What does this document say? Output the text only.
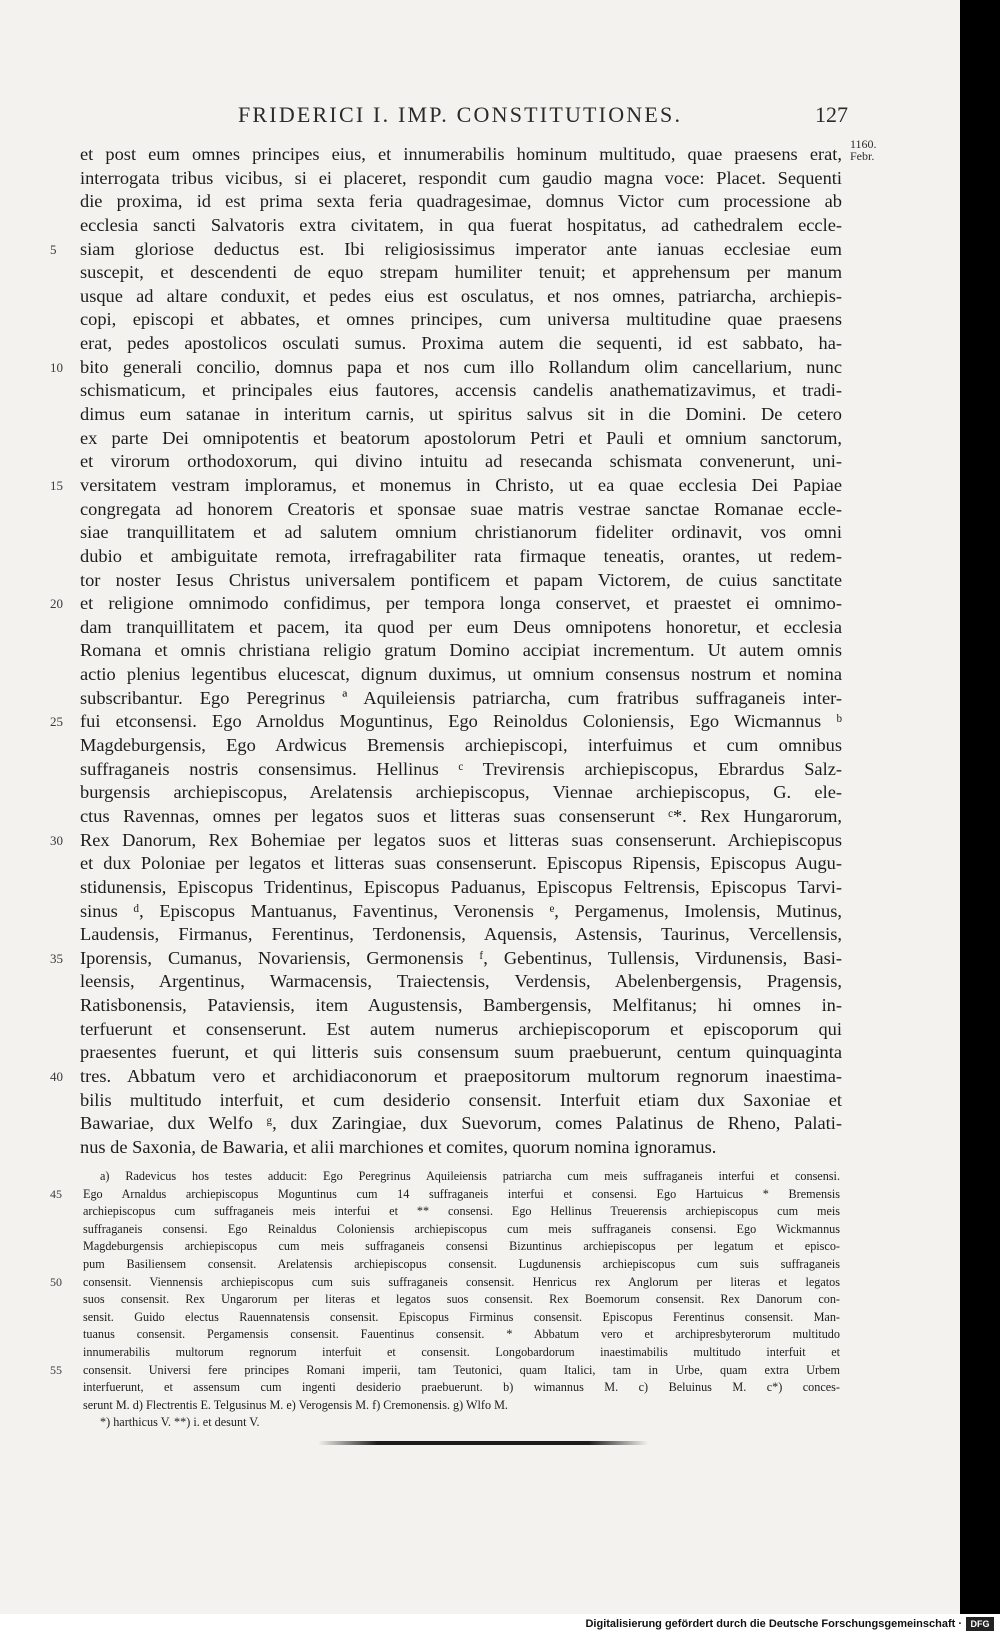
FRIDERICI I. IMP. CONSTITUTIONES.	127
1160.
Febr.
et post eum omnes principes eius, et innumerabilis hominum multitudo, quae praesens erat,
interrogata tribus vicibus, si ei placeret, respondit cum gaudio magna voce: Placet. Sequenti
die proxima, id est prima sexta feria quadragesimae, domnus Victor cum processione ab
ecclesia sancti Salvatoris extra civitatem, in qua fuerat hospitatus, ad cathedralem eccle-
5	siam gloriose deductus est. Ibi religiosissimus imperator ante ianuas ecclesiae eum
suscepit, et descendenti de equo strepam humiliter tenuit; et apprehensum per manum
usque ad altare conduxit, et pedes eius est osculatus, et nos omnes, patriarcha, archiepis-
copi, episcopi et abbates, et omnes principes, cum universa multitudine quae praesens
erat, pedes apostolicos osculati sumus. Proxima autem die sequenti, id est sabbato, ha-
10 bito generali concilio, domnus papa et nos cum illo Rollandum olim cancellarium, nunc
schismaticum, et principales eius fautores, accensis candelis anathematizavimus, et tradi-
dimus eum satanae in interitum carnis, ut spiritus salvus sit in die Domini. De cetero
ex parte Dei omnipotentis et beatorum apostolorum Petri et Pauli et omnium sanctorum,
et virorum orthodoxorum, qui divino intuitu ad resecanda schismata convenerunt, uni-
15 versitatem vestram imploramus, et monemus in Christo, ut ea quae ecclesia Dei Papiae
congregata ad honorem Creatoris et sponsae suae matris vestrae sanctae Romanae eccle-
siae tranquillitatem et ad salutem omnium christianorum fideliter ordinavit, vos omni
dubio et ambiguitate remota, irrefragabiliter rata firmaque teneatis, orantes, ut redem-
tor noster Iesus Christus universalem pontificem et papam Victorem, de cuius sanctitate
20 et religione omnimodo confidimus, per tempora longa conservet, et praestet ei omnimo-
dam tranquillitatem et pacem, ita quod per eum Deus omnipotens honoretur, et ecclesia
Romana et omnis christiana religio gratum Domino accipiat incrementum. Ut autem omnis
actio plenius legentibus elucescat, dignum duximus, ut omnium consensus nostrum et nomina
subscribantur. Ego Peregrinus ª Aquileiensis patriarcha, cum fratribus suffraganeis inter-
25 fui etconsensi. Ego Arnoldus Moguntinus, Ego Reinoldus Coloniensis, Ego Wicmannus ᵇ
Magdeburgensis, Ego Ardwicus Bremensis archiepiscopi, interfuimus et cum omnibus
suffraganeis nostris consensimus. Hellinus ᶜ Trevirensis archiepiscopus, Ebrardus Salz-
burgensis archiepiscopus, Arelatensis archiepiscopus, Viennae archiepiscopus, G. ele-
ctus Ravennas, omnes per legatos suos et litteras suas consenserunt ᶜ*. Rex Hungarorum,
30 Rex Danorum, Rex Bohemiae per legatos suos et litteras suas consenserunt. Archiepiscopus
et dux Poloniae per legatos et litteras suas consenserunt. Episcopus Ripensis, Episcopus Augu-
stidunensis, Episcopus Tridentinus, Episcopus Paduanus, Episcopus Feltrensis, Episcopus Tarvi-
sinus ᵈ, Episcopus Mantuanus, Faventinus, Veronensis ᵉ, Pergamenus, Imolensis, Mutinus,
Laudensis, Firmanus, Ferentinus, Terdonensis, Aquensis, Astensis, Taurinus, Vercellensis,
35 Iporensis, Cumanus, Novariensis, Germonensis ᶠ, Gebentinus, Tullensis, Virdunensis, Basi-
leensis, Argentinus, Warmacensis, Traiectensis, Verdensis, Abelenbergensis, Pragensis,
Ratisbonensis, Pataviensis, item Augustensis, Bambergensis, Melfitanus; hi omnes in-
terfuerunt et consenserunt. Est autem numerus archiepiscoporum et episcoporum qui
praesentes fuerunt, et qui litteris suis consensum suum praebuerunt, centum quinquaginta
40 tres. Abbatum vero et archidiaconorum et praepositorum multorum regnorum inaestima-
bilis multitudo interfuit, et cum desiderio consensit. Interfuit etiam dux Saxoniae et
Bawariae, dux Welfo ᵍ, dux Zaringiae, dux Suevorum, comes Palatinus de Rheno, Palati-
nus de Saxonia, de Bawaria, et alii marchiones et comites, quorum nomina ignoramus.
a) Radevicus hos testes adducit: Ego Peregrinus Aquileiensis patriarcha cum meis suffraganeis interfui et consensi.
45	Ego Arnaldus archiepiscopus Moguntinus cum 14 suffraganeis interfui et consensi. Ego Hartuicus * Bremensis
archiepiscopus cum suffraganeis meis interfui et ** consensi. Ego Hellinus Treuerensis archiepiscopus cum meis
suffraganeis consensi. Ego Reinaldus Coloniensis archiepiscopus cum meis suffraganeis consensi. Ego Wickmannus
Magdeburgensis archiepiscopus cum meis suffraganeis consensi Bizuntinus archiepiscopus per legatum et episco-
pum Basiliensem consensit. Arelatensis archiepiscopus consensit. Lugdunensis archiepiscopus cum suis suffraganeis
50	consensit. Viennensis archiepiscopus cum suis suffraganeis consensit. Henricus rex Anglorum per literas et legatos
suos consensit. Rex Ungarorum per literas et legatos suos consensit. Rex Boemorum consensit. Rex Danorum con-
sensit. Guido electus Rauennatensis consensit. Episcopus Firminus consensit. Episcopus Ferentinus consensit. Man-
tuanus consensit. Pergamensis consensit. Fauentinus consensit. * Abbatum vero et archipresbyterorum multitudo
innumerabilis multorum regnorum interfuit et consensit. Longobardorum inaestimabilis multitudo interfuit et
55	consensit. Universi fere principes Romani imperii, tam Teutonici, quam Italici, tam in Urbe, quam extra Urbem
interfuerunt, et assensum cum ingenti desiderio praebuerunt. b) wimannus M. c) Beluinus M. c*) conces-
serunt M. d) Flectrentis E. Telgusinus M. e) Verogensis M. f) Cremonensis. g) Wlfo M.
*) harthicus V. **) i. et desunt V.
Digitalisierung gefördert durch die Deutsche Forschungsgemeinschaft · DFG
